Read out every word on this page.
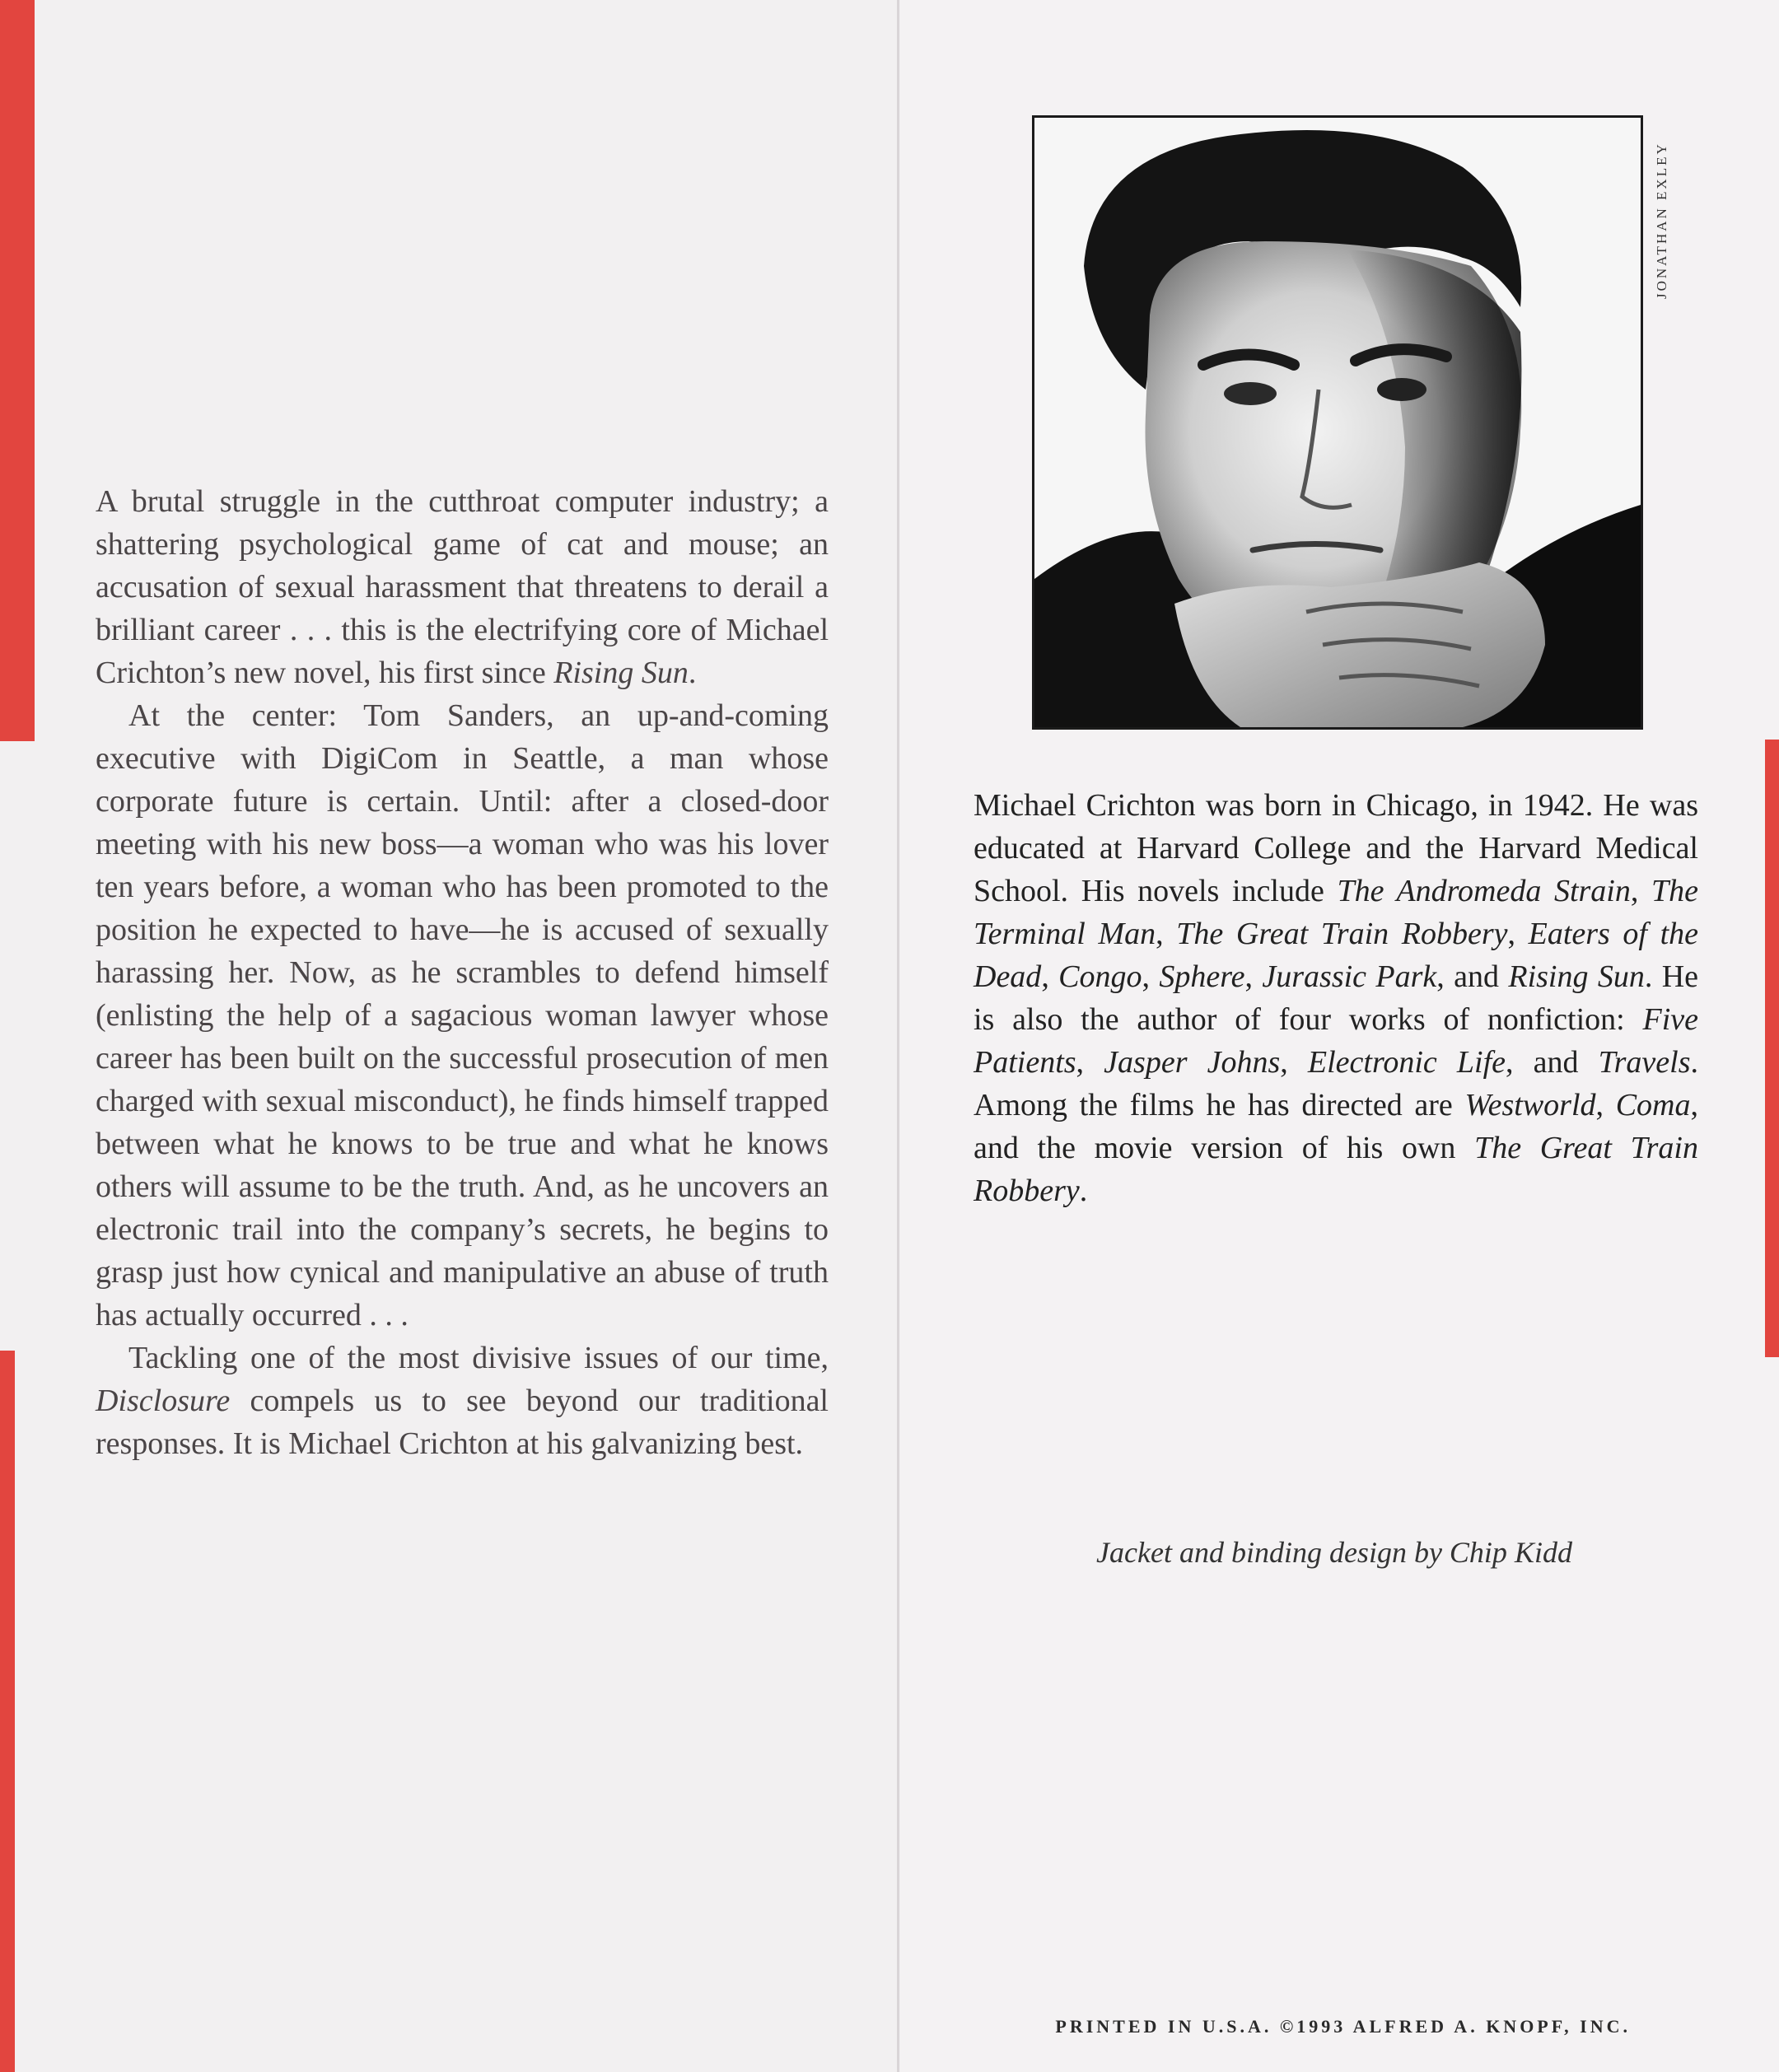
A brutal struggle in the cutthroat computer industry; a shattering psychological game of cat and mouse; an accusation of sexual harassment that threatens to derail a brilliant career . . . this is the electrifying core of Michael Crichton’s new novel, his first since Rising Sun.

At the center: Tom Sanders, an up-and-coming executive with DigiCom in Seattle, a man whose corporate future is certain. Until: after a closed-door meeting with his new boss—a woman who was his lover ten years before, a woman who has been promoted to the position he expected to have—he is accused of sexually harassing her. Now, as he scrambles to defend himself (enlisting the help of a sagacious woman lawyer whose career has been built on the successful prosecution of men charged with sexual misconduct), he finds himself trapped between what he knows to be true and what he knows others will assume to be the truth. And, as he uncovers an electronic trail into the company’s secrets, he begins to grasp just how cynical and manipulative an abuse of truth has actually occurred . . .

Tackling one of the most divisive issues of our time, Disclosure compels us to see beyond our traditional responses. It is Michael Crichton at his galvanizing best.

JONATHAN EXLEY

Michael Crichton was born in Chicago, in 1942. He was educated at Harvard College and the Harvard Medical School. His novels include The Andromeda Strain, The Terminal Man, The Great Train Robbery, Eaters of the Dead, Congo, Sphere, Jurassic Park, and Rising Sun. He is also the author of four works of nonfiction: Five Patients, Jasper Johns, Electronic Life, and Travels. Among the films he has directed are Westworld, Coma, and the movie version of his own The Great Train Robbery.

Jacket and binding design by Chip Kidd
PRINTED IN U.S.A. ©1993 ALFRED A. KNOPF, INC.
